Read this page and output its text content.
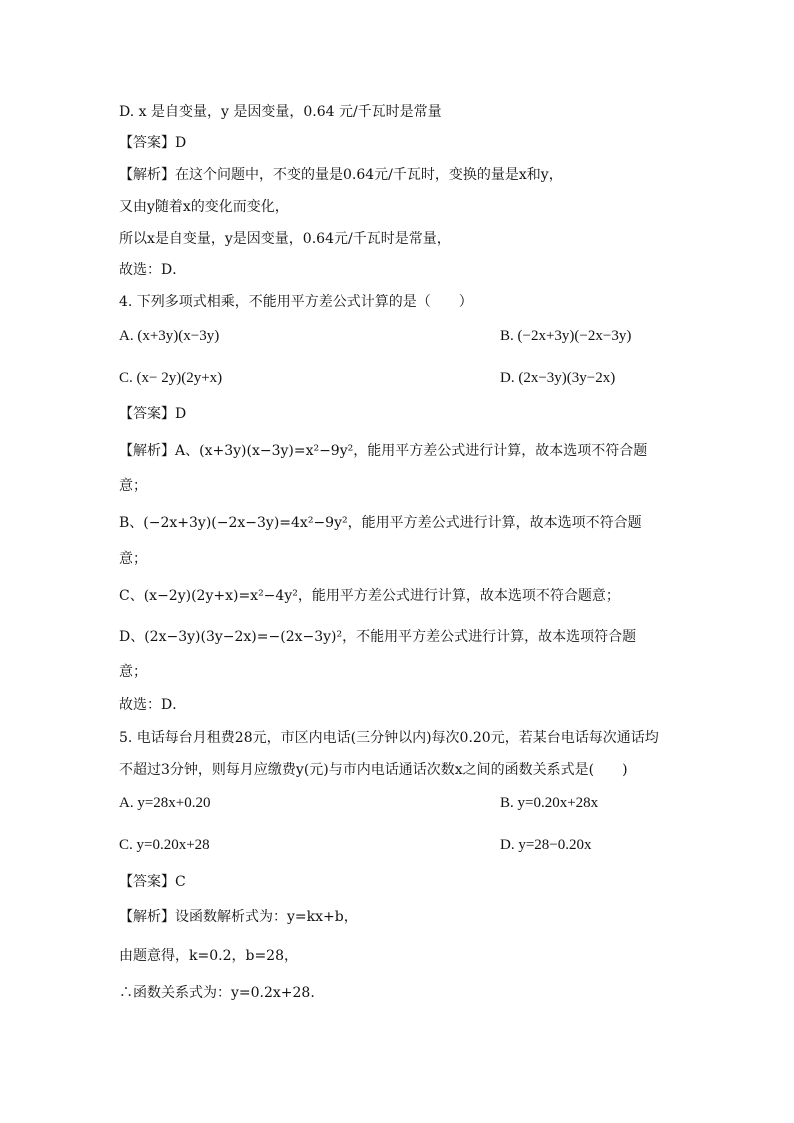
D. x 是自变量，y 是因变量，0.64 元/千瓦时是常量
【答案】D
【解析】在这个问题中，不变的量是0.64元/千瓦时，变换的量是x和y，
又由y随着x的变化而变化，
所以x是自变量，y是因变量，0.64元/千瓦时是常量，
故选：D．
4. 下列多项式相乘，不能用平方差公式计算的是（　　）
A. (x+3y)(x−3y)	B. (−2x+3y)(−2x−3y)
C. (x− 2y)(2y+x)	D. (2x−3y)(3y−2x)
【答案】D
【解析】A、(x+3y)(x−3y)=x²−9y²，能用平方差公式进行计算，故本选项不符合题
意；
B、(−2x+3y)(−2x−3y)=4x²−9y²，能用平方差公式进行计算，故本选项不符合题
意；
C、(x−2y)(2y+x)=x²−4y²，能用平方差公式进行计算，故本选项不符合题意；
D、(2x−3y)(3y−2x)=−(2x−3y)²，不能用平方差公式进行计算，故本选项符合题
意；
故选：D．
5. 电话每台月租费28元，市区内电话(三分钟以内)每次0.20元，若某台电话每次通话均
不超过3分钟，则每月应缴费y(元)与市内电话通话次数x之间的函数关系式是(　　)
A. y=28x+0.20	B. y=0.20x+28x
C. y=0.20x+28	D. y=28−0.20x
【答案】C
【解析】设函数解析式为：y=kx+b，
由题意得，k=0.2，b=28，
∴函数关系式为：y=0.2x+28.
